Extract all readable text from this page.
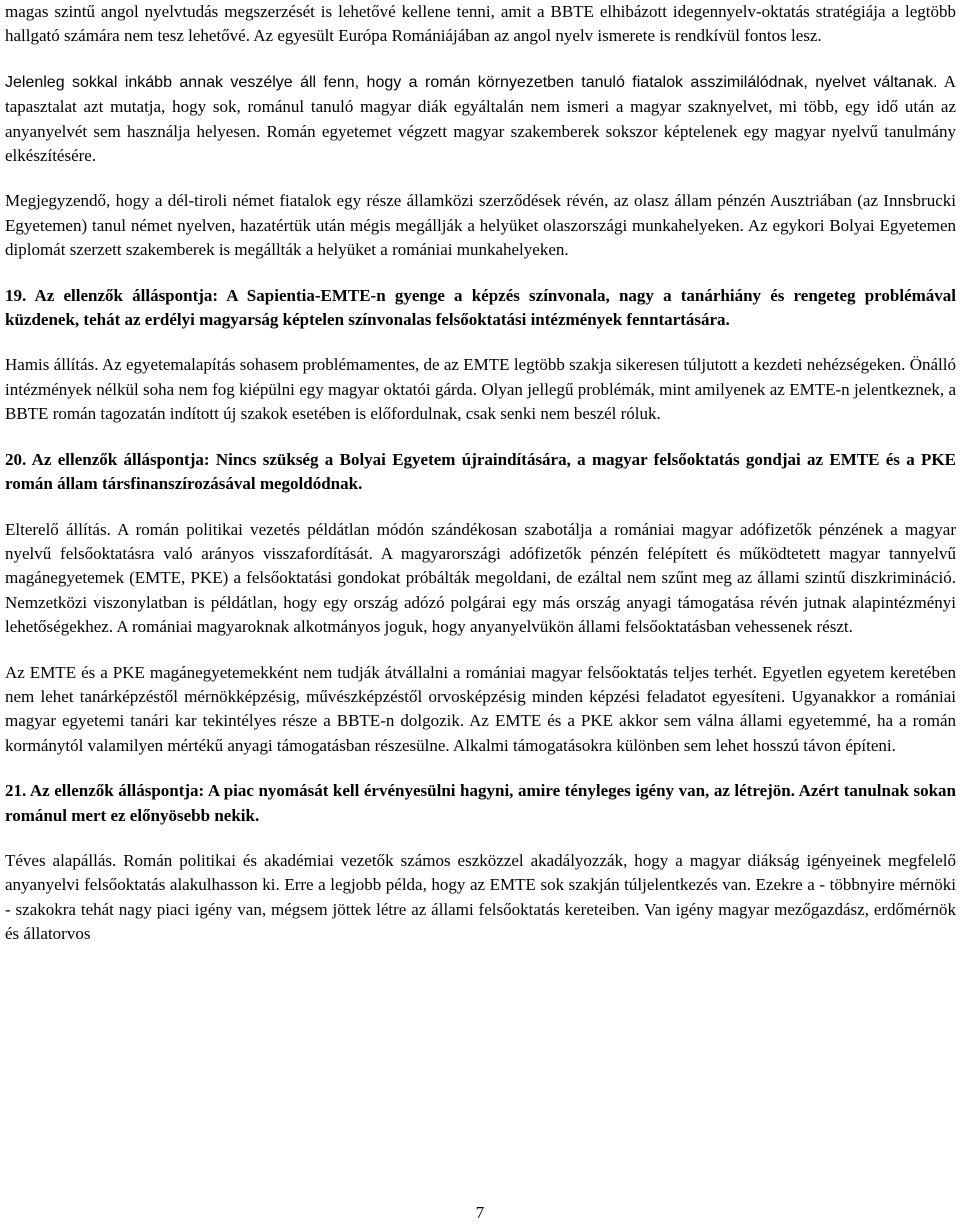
magas szintű angol nyelvtudás megszerzését is lehetővé kellene tenni, amit a BBTE elhibázott idegennyelv-oktatás stratégiája a legtöbb hallgató számára nem tesz lehetővé. Az egyesült Európa Romániájában az angol nyelv ismerete is rendkívül fontos lesz.

Jelenleg sokkal inkább annak veszélye áll fenn, hogy a román környezetben tanuló fiatalok asszimilálódnak, nyelvet váltanak. A tapasztalat azt mutatja, hogy sok, románul tanuló magyar diák egyáltalán nem ismeri a magyar szaknyelvet, mi több, egy idő után az anyanyelvét sem használja helyesen. Román egyetemet végzett magyar szakemberek sokszor képtelenek egy magyar nyelvű tanulmány elkészítésére.

Megjegyzendő, hogy a dél-tiroli német fiatalok egy része államközi szerződések révén, az olasz állam pénzén Ausztriában (az Innsbrucki Egyetemen) tanul német nyelven, hazatértük után mégis megállják a helyüket olaszországi munkahelyeken. Az egykori Bolyai Egyetemen diplomát szerzett szakemberek is megállták a helyüket a romániai munkahelyeken.

19. Az ellenzők álláspontja: A Sapientia-EMTE-n gyenge a képzés színvonala, nagy a tanárhiány és rengeteg problémával küzdenek, tehát az erdélyi magyarság képtelen színvonalas felsőoktatási intézmények fenntartására.

Hamis állítás. Az egyetemalapítás sohasem problémamentes, de az EMTE legtöbb szakja sikeresen túljutott a kezdeti nehézségeken. Önálló intézmények nélkül soha nem fog kiépülni egy magyar oktatói gárda. Olyan jellegű problémák, mint amilyenek az EMTE-n jelentkeznek, a BBTE román tagozatán indított új szakok esetében is előfordulnak, csak senki nem beszél róluk.

20. Az ellenzők álláspontja: Nincs szükség a Bolyai Egyetem újraindítására, a magyar felsőoktatás gondjai az EMTE és a PKE román állam társfinanszírozásával megoldódnak.

Elterelő állítás. A román politikai vezetés példátlan módón szándékosan szabotálja a romániai magyar adófizetők pénzének a magyar nyelvű felsőoktatásra való arányos visszafordítását. A magyarországi adófizetők pénzén felépített és működtetett magyar tannyelvű magánegyetemek (EMTE, PKE) a felsőoktatási gondokat próbálták megoldani, de ezáltal nem szűnt meg az állami szintű diszkrimináció. Nemzetközi viszonylatban is példátlan, hogy egy ország adózó polgárai egy más ország anyagi támogatása révén jutnak alapintézményi lehetőségekhez. A romániai magyaroknak alkotmányos joguk, hogy anyanyelvükön állami felsőoktatásban vehessenek részt.

Az EMTE és a PKE magánegyetemekként nem tudják átvállalni a romániai magyar felsőoktatás teljes terhét. Egyetlen egyetem keretében nem lehet tanárképzéstől mérnökképzésig, művészképzéstől orvosképzésig minden képzési feladatot egyesíteni. Ugyanakkor a romániai magyar egyetemi tanári kar tekintélyes része a BBTE-n dolgozik. Az EMTE és a PKE akkor sem válna állami egyetemmé, ha a román kormánytól valamilyen mértékű anyagi támogatásban részesülne. Alkalmi támogatásokra különben sem lehet hosszú távon építeni.

21. Az ellenzők álláspontja: A piac nyomását kell érvényesülni hagyni, amire tényleges igény van, az létrejön. Azért tanulnak sokan románul mert ez előnyösebb nekik.

Téves alapállás. Román politikai és akadémiai vezetők számos eszközzel akadályozzák, hogy a magyar diákság igényeinek megfelelő anyanyelvi felsőoktatás alakulhasson ki. Erre a legjobb példa, hogy az EMTE sok szakján túljelentkezés van. Ezekre a - többnyire mérnöki - szakokra tehát nagy piaci igény van, mégsem jöttek létre az állami felsőoktatás kereteiben. Van igény magyar mezőgazdász, erdőmérnök és állatorvos

7
